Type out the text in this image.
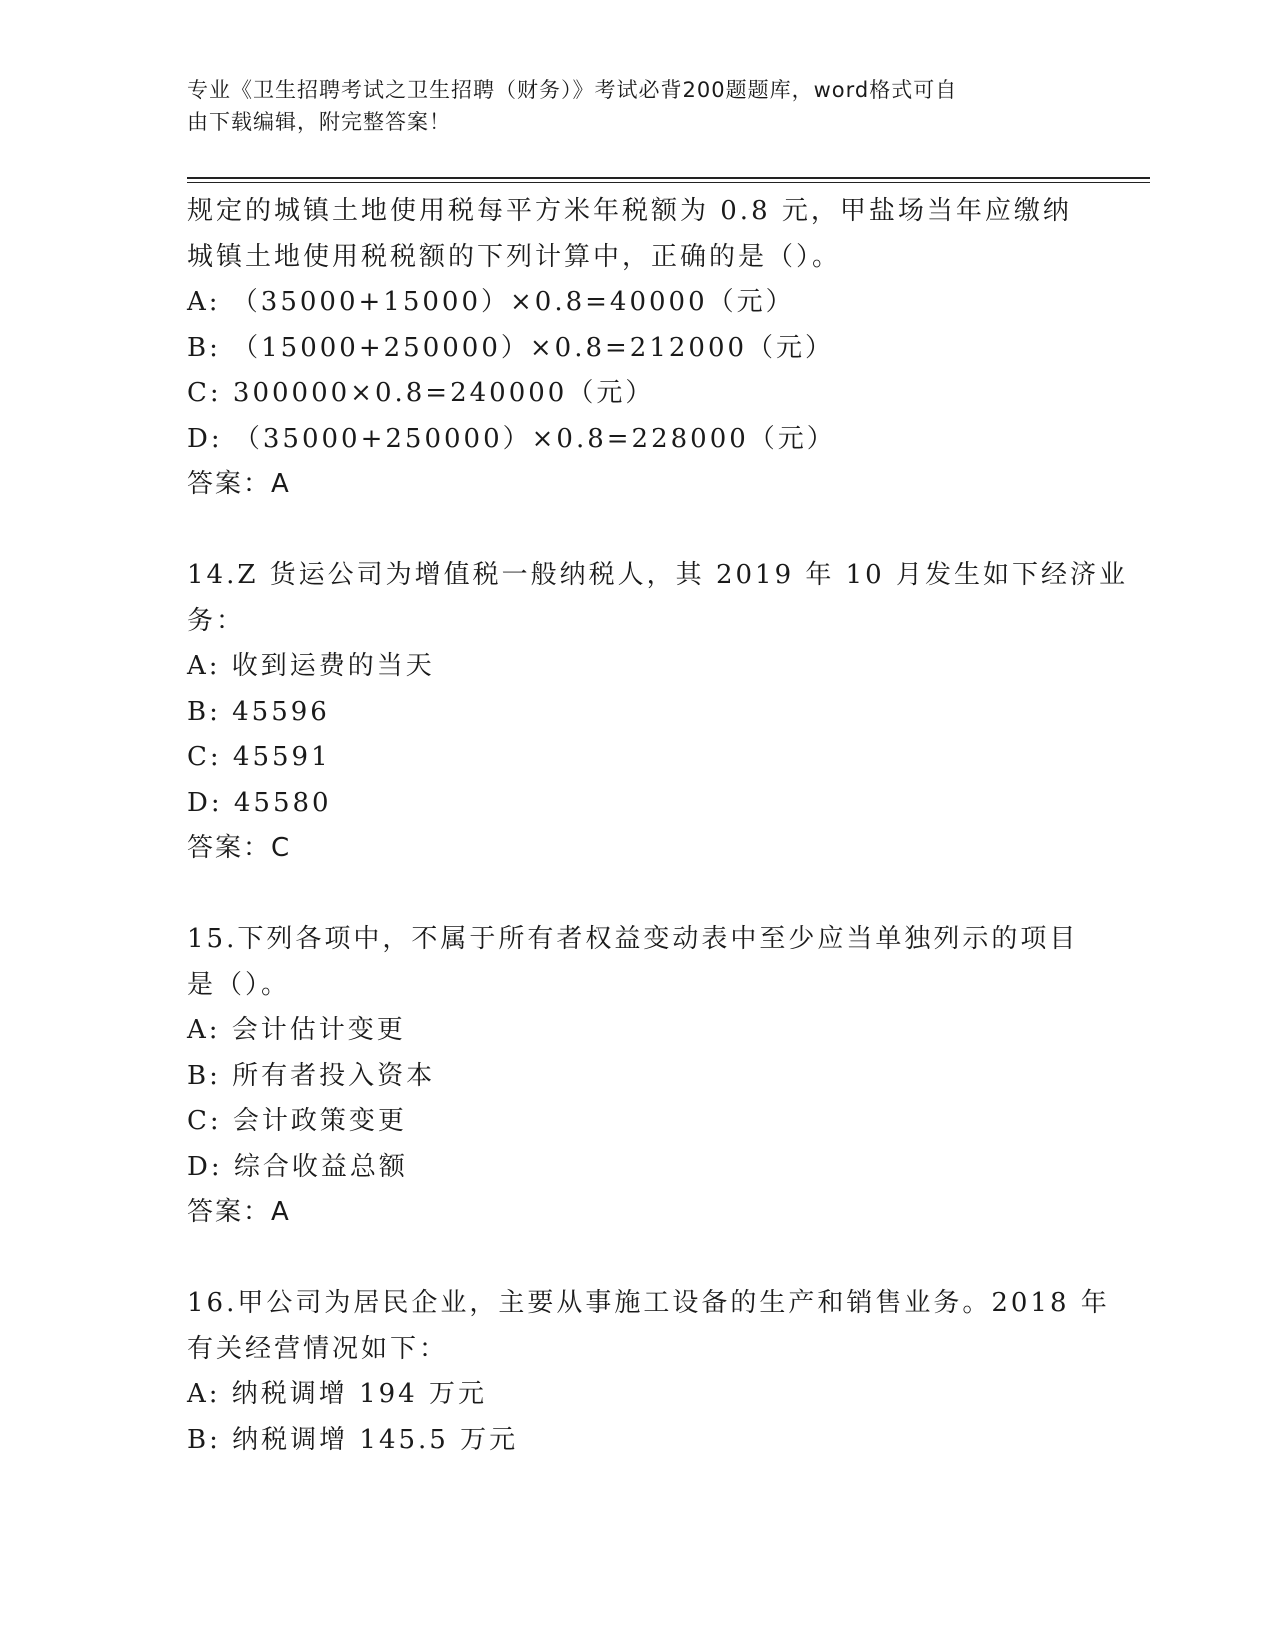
专业《卫生招聘考试之卫生招聘（财务）》考试必背200题题库，word格式可自
由下载编辑，附完整答案！
规定的城镇土地使用税每平方米年税额为 0.8 元，甲盐场当年应缴纳
城镇土地使用税税额的下列计算中，正确的是（）。
A: （35000+15000）×0.8=40000（元）
B: （15000+250000）×0.8=212000（元）
C: 300000×0.8=240000（元）
D: （35000+250000）×0.8=228000（元）
答案：A
14.Z 货运公司为增值税一般纳税人，其 2019 年 10 月发生如下经济业
务：
A: 收到运费的当天
B: 45596
C: 45591
D: 45580
答案：C
15.下列各项中，不属于所有者权益变动表中至少应当单独列示的项目
是（）。
A: 会计估计变更
B: 所有者投入资本
C: 会计政策变更
D: 综合收益总额
答案：A
16.甲公司为居民企业，主要从事施工设备的生产和销售业务。2018 年
有关经营情况如下：
A: 纳税调增 194 万元
B: 纳税调增 145.5 万元
